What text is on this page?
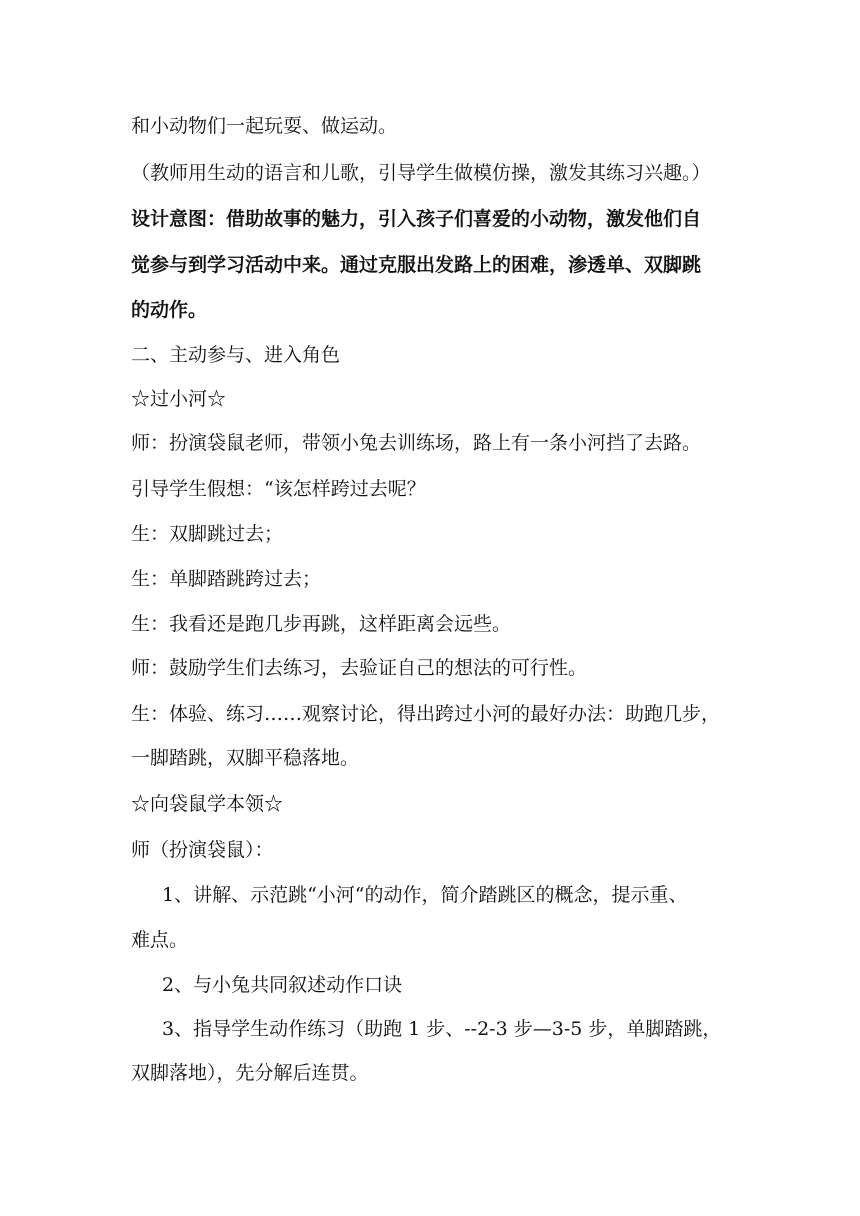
和小动物们一起玩耍、做运动。
（教师用生动的语言和儿歌，引导学生做模仿操，激发其练习兴趣。）
设计意图：借助故事的魅力，引入孩子们喜爱的小动物，激发他们自
觉参与到学习活动中来。通过克服出发路上的困难，渗透单、双脚跳
的动作。
二、主动参与、进入角色
☆过小河☆
师：扮演袋鼠老师，带领小兔去训练场，路上有一条小河挡了去路。
引导学生假想：“该怎样跨过去呢？
生：双脚跳过去；
生：单脚踏跳跨过去；
生：我看还是跑几步再跳，这样距离会远些。
师：鼓励学生们去练习，去验证自己的想法的可行性。
生：体验、练习……观察讨论，得出跨过小河的最好办法：助跑几步，
一脚踏跳，双脚平稳落地。
☆向袋鼠学本领☆
师（扮演袋鼠）：
1、讲解、示范跳“小河“的动作，简介踏跳区的概念，提示重、
难点。
2、与小兔共同叙述动作口诀
3、指导学生动作练习（助跑 1 步、--2-3 步—3-5 步，单脚踏跳，
双脚落地），先分解后连贯。
